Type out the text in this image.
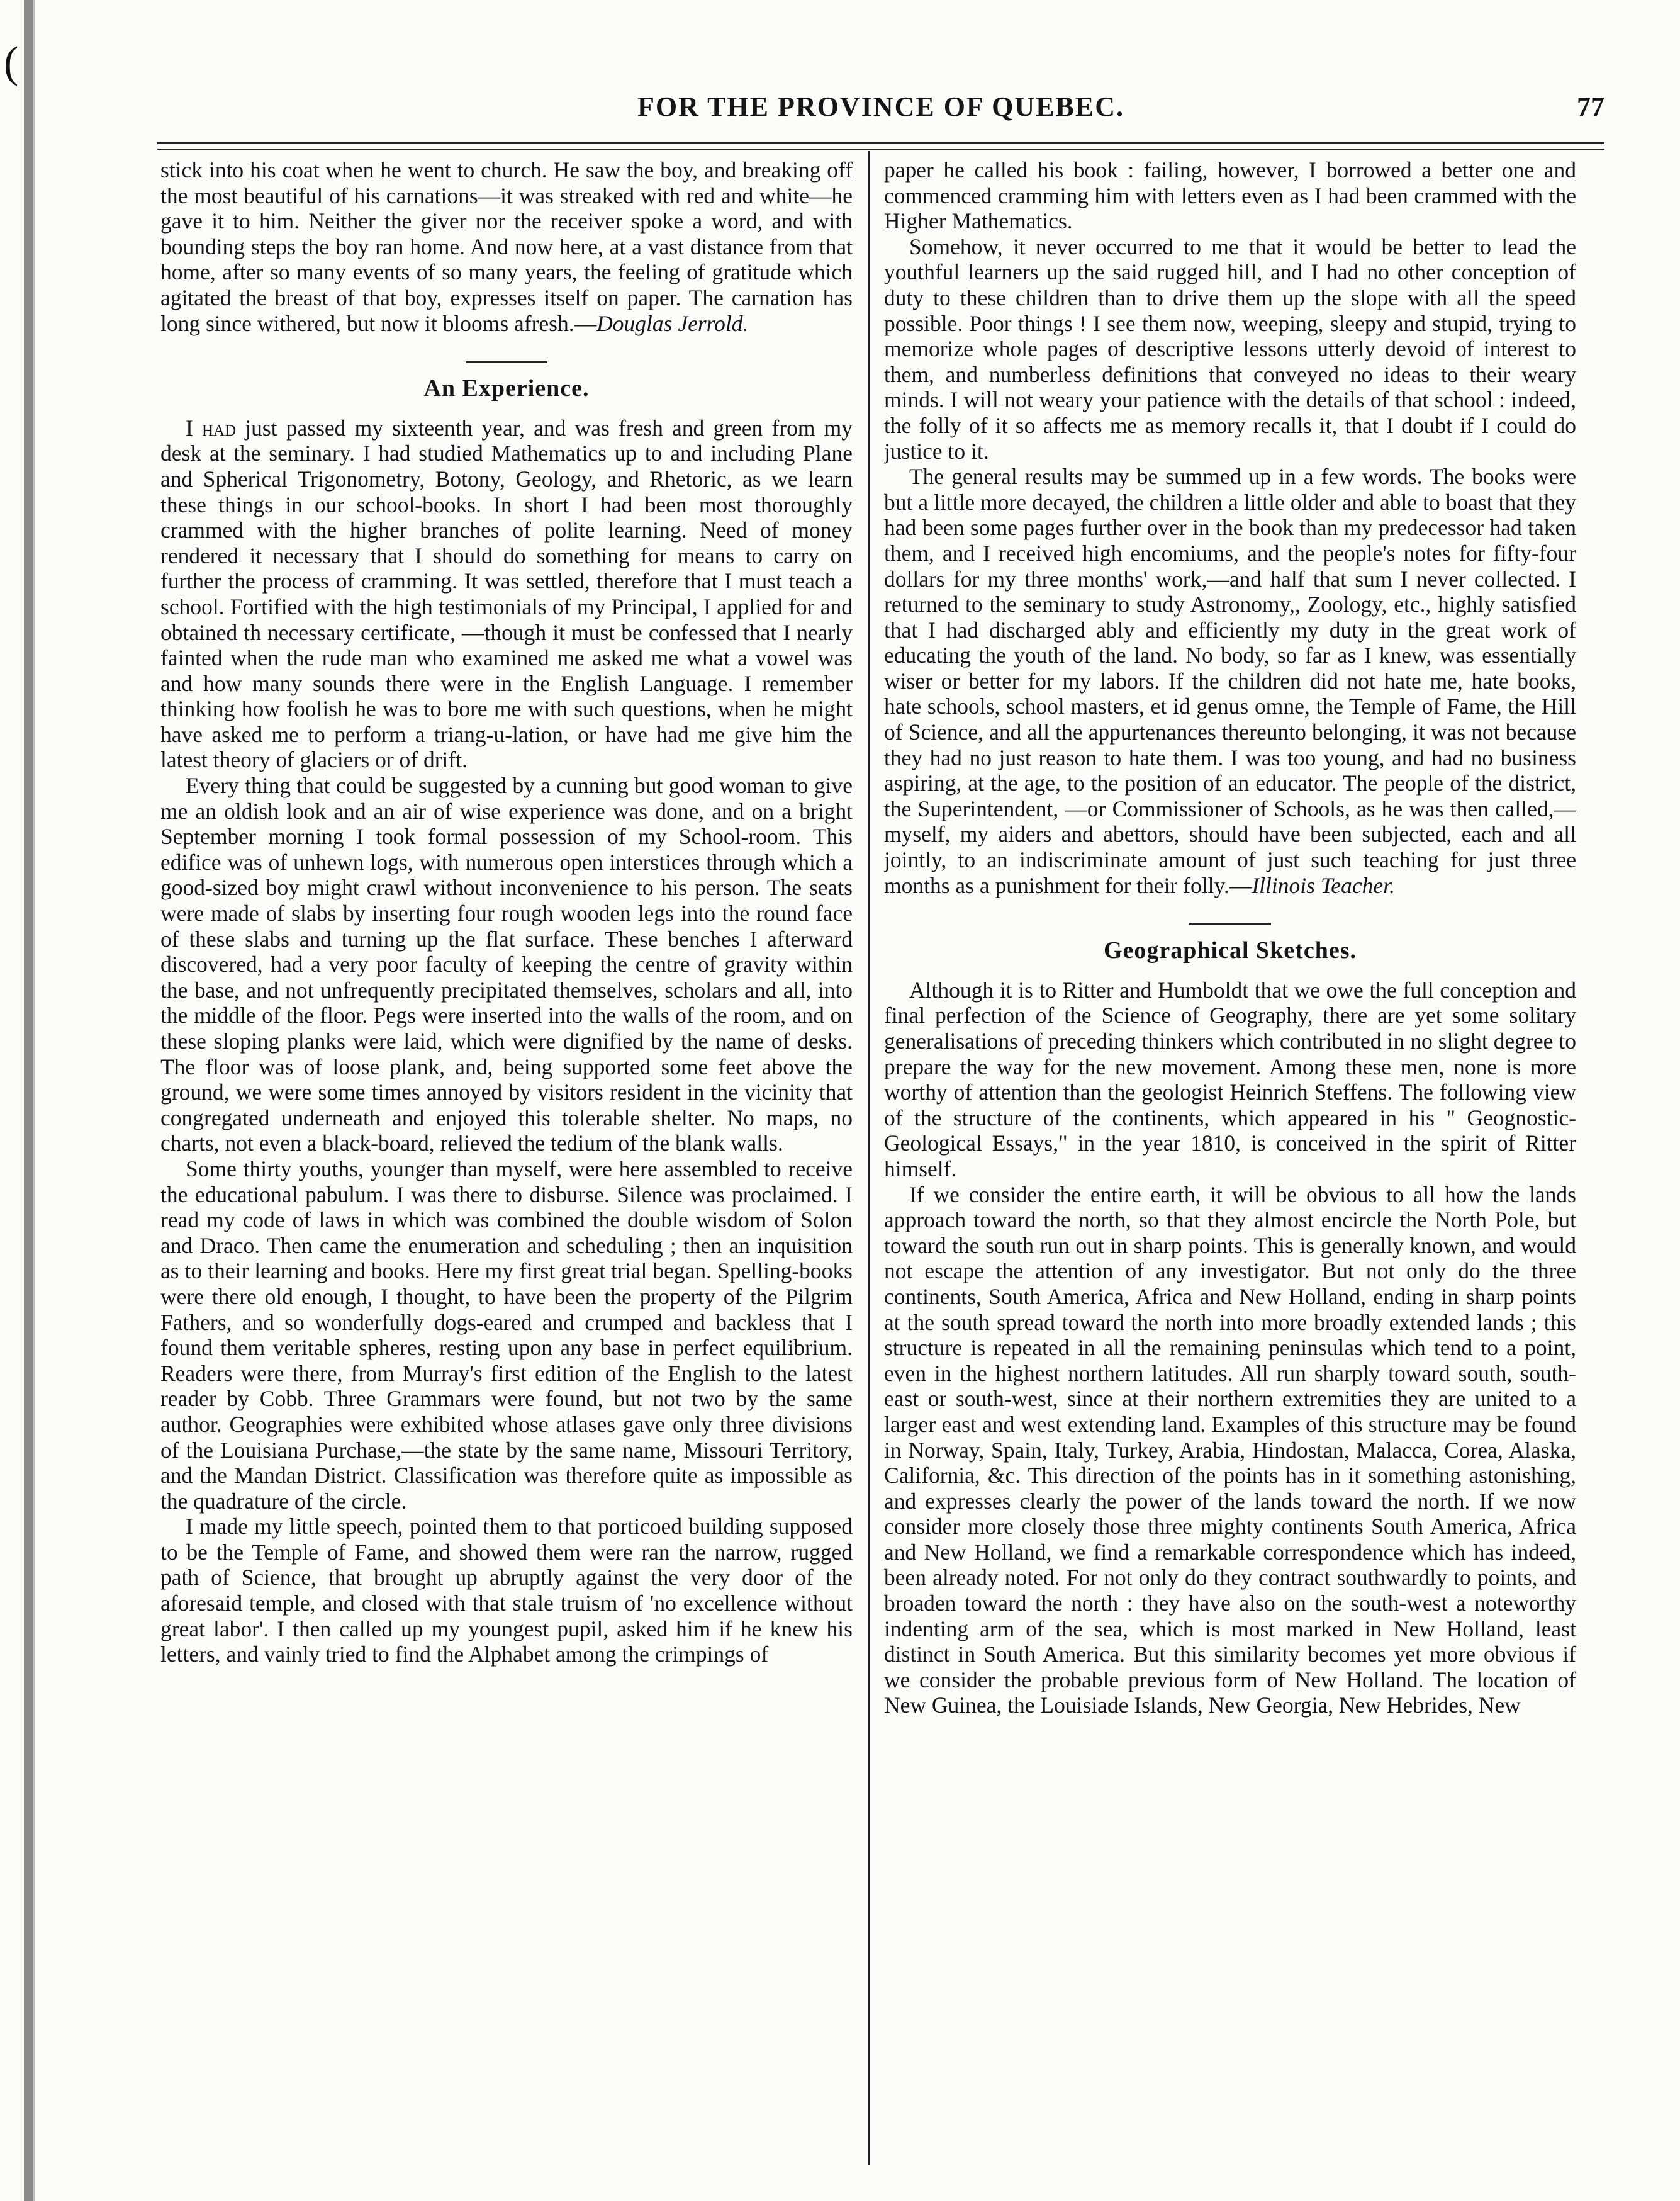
(
FOR THE PROVINCE OF QUEBEC.	77

stick into his coat when he went to church. He saw the boy, and breaking off the most beautiful of his carnations—it was streaked with red and white—he gave it to him. Neither the giver nor the receiver spoke a word, and with bounding steps the boy ran home. And now here, at a vast distance from that home, after so many events of so many years, the feeling of gratitude which agitated the breast of that boy, expresses itself on paper. The carnation has long since withered, but now it blooms afresh.—Douglas Jerrold.

An Experience.

I had just passed my sixteenth year, and was fresh and green from my desk at the seminary. I had studied Mathematics up to and including Plane and Spherical Trigonometry, Botony, Geology, and Rhetoric, as we learn these things in our school-books. In short I had been most thoroughly crammed with the higher branches of polite learning. Need of money rendered it necessary that I should do something for means to carry on further the process of cramming. It was settled, therefore that I must teach a school. Fortified with the high testimonials of my Principal, I applied for and obtained th necessary certificate, —though it must be confessed that I nearly fainted when the rude man who examined me asked me what a vowel was and how many sounds there were in the English Language. I remember thinking how foolish he was to bore me with such questions, when he might have asked me to perform a triang-u-lation, or have had me give him the latest theory of glaciers or of drift.

Every thing that could be suggested by a cunning but good woman to give me an oldish look and an air of wise experience was done, and on a bright September morning I took formal possession of my School-room. This edifice was of unhewn logs, with numerous open interstices through which a good-sized boy might crawl without inconvenience to his person. The seats were made of slabs by inserting four rough wooden legs into the round face of these slabs and turning up the flat surface. These benches I afterward discovered, had a very poor faculty of keeping the centre of gravity within the base, and not unfrequently precipitated themselves, scholars and all, into the middle of the floor. Pegs were inserted into the walls of the room, and on these sloping planks were laid, which were dignified by the name of desks. The floor was of loose plank, and, being supported some feet above the ground, we were some times annoyed by visitors resident in the vicinity that congregated underneath and enjoyed this tolerable shelter. No maps, no charts, not even a black-board, relieved the tedium of the blank walls.

Some thirty youths, younger than myself, were here assembled to receive the educational pabulum. I was there to disburse. Silence was proclaimed. I read my code of laws in which was combined the double wisdom of Solon and Draco. Then came the enumeration and scheduling ; then an inquisition as to their learning and books. Here my first great trial began. Spelling-books were there old enough, I thought, to have been the property of the Pilgrim Fathers, and so wonderfully dogs-eared and crumped and backless that I found them veritable spheres, resting upon any base in perfect equilibrium. Readers were there, from Murray's first edition of the English to the latest reader by Cobb. Three Grammars were found, but not two by the same author. Geographies were exhibited whose atlases gave only three divisions of the Louisiana Purchase,—the state by the same name, Missouri Territory, and the Mandan District. Classification was therefore quite as impossible as the quadrature of the circle.

I made my little speech, pointed them to that porticoed building supposed to be the Temple of Fame, and showed them were ran the narrow, rugged path of Science, that brought up abruptly against the very door of the aforesaid temple, and closed with that stale truism of 'no excellence without great labor'. I then called up my youngest pupil, asked him if he knew his letters, and vainly tried to find the Alphabet among the crimpings of

paper he called his book : failing, however, I borrowed a better one and commenced cramming him with letters even as I had been crammed with the Higher Mathematics.

Somehow, it never occurred to me that it would be better to lead the youthful learners up the said rugged hill, and I had no other conception of duty to these children than to drive them up the slope with all the speed possible. Poor things ! I see them now, weeping, sleepy and stupid, trying to memorize whole pages of descriptive lessons utterly devoid of interest to them, and numberless definitions that conveyed no ideas to their weary minds. I will not weary your patience with the details of that school : indeed, the folly of it so affects me as memory recalls it, that I doubt if I could do justice to it.

The general results may be summed up in a few words. The books were but a little more decayed, the children a little older and able to boast that they had been some pages further over in the book than my predecessor had taken them, and I received high encomiums, and the people's notes for fifty-four dollars for my three months' work,—and half that sum I never collected. I returned to the seminary to study Astronomy,, Zoology, etc., highly satisfied that I had discharged ably and efficiently my duty in the great work of educating the youth of the land. No body, so far as I knew, was essentially wiser or better for my labors. If the children did not hate me, hate books, hate schools, school masters, et id genus omne, the Temple of Fame, the Hill of Science, and all the appurtenances thereunto belonging, it was not because they had no just reason to hate them. I was too young, and had no business aspiring, at the age, to the position of an educator. The people of the district, the Superintendent, —or Commissioner of Schools, as he was then called,—myself, my aiders and abettors, should have been subjected, each and all jointly, to an indiscriminate amount of just such teaching for just three months as a punishment for their folly.—Illinois Teacher.

Geographical Sketches.

Although it is to Ritter and Humboldt that we owe the full conception and final perfection of the Science of Geography, there are yet some solitary generalisations of preceding thinkers which contributed in no slight degree to prepare the way for the new movement. Among these men, none is more worthy of attention than the geologist Heinrich Steffens. The following view of the structure of the continents, which appeared in his " Geognostic-Geological Essays," in the year 1810, is conceived in the spirit of Ritter himself.

If we consider the entire earth, it will be obvious to all how the lands approach toward the north, so that they almost encircle the North Pole, but toward the south run out in sharp points. This is generally known, and would not escape the attention of any investigator. But not only do the three continents, South America, Africa and New Holland, ending in sharp points at the south spread toward the north into more broadly extended lands ; this structure is repeated in all the remaining peninsulas which tend to a point, even in the highest northern latitudes. All run sharply toward south, south-east or south-west, since at their northern extremities they are united to a larger east and west extending land. Examples of this structure may be found in Norway, Spain, Italy, Turkey, Arabia, Hindostan, Malacca, Corea, Alaska, California, &c. This direction of the points has in it something astonishing, and expresses clearly the power of the lands toward the north. If we now consider more closely those three mighty continents South America, Africa and New Holland, we find a remarkable correspondence which has indeed, been already noted. For not only do they contract southwardly to points, and broaden toward the north : they have also on the south-west a noteworthy indenting arm of the sea, which is most marked in New Holland, least distinct in South America. But this similarity becomes yet more obvious if we consider the probable previous form of New Holland. The location of New Guinea, the Louisiade Islands, New Georgia, New Hebrides, New
